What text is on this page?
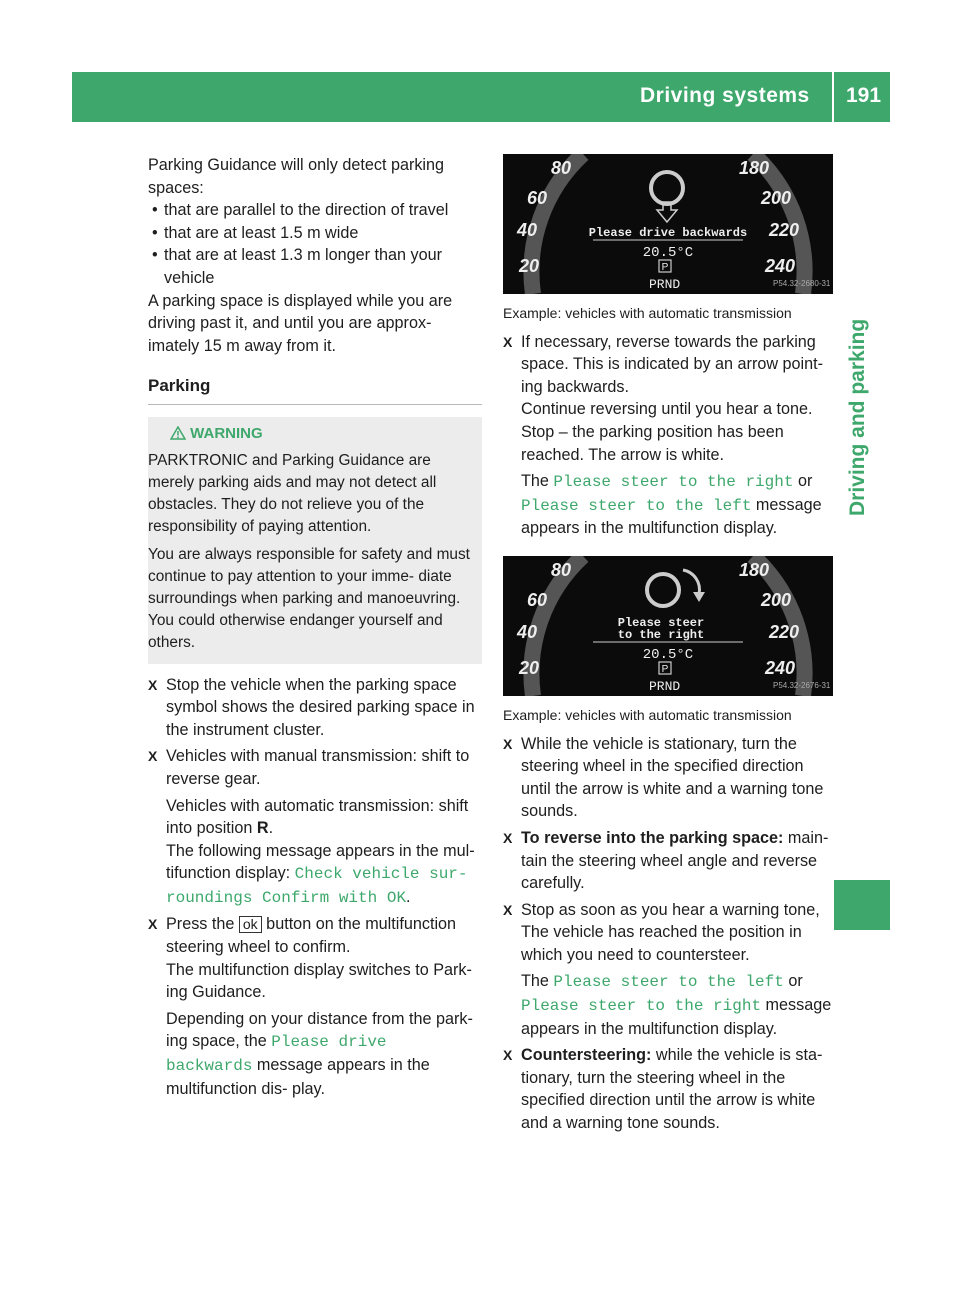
Driving systems 191
Driving and parking

Parking Guidance will only detect parking spaces:

• that are parallel to the direction of travel

• that are at least 1.5 m wide

• that are at least 1.3 m longer than your vehicle

A parking space is displayed while you are driving past it, and until you are approx- imately 15 m away from it.

Parking
WARNING

PARKTRONIC and Parking Guidance are merely parking aids and may not detect all obstacles. They do not relieve you of the responsibility of paying attention.

You are always responsible for safety and must continue to pay attention to your imme- diate surroundings when parking and manoeuvring. You could otherwise endanger yourself and others.

X Stop the vehicle when the parking space symbol shows the desired parking space in the instrument cluster.

X Vehicles with manual transmission: shift to reverse gear.

Vehicles with automatic transmission: shift into position R.

The following message appears in the mul- tifunction display: Check vehicle sur‐ roundings Confirm with OK.

X Press the ok button on the multifunction steering wheel to confirm.

The multifunction display switches to Park- ing Guidance.

Depending on your distance from the park- ing space, the Please drive backwards message appears in the multifunction dis- play.

80
60
40
20
180
200
220
240
Please drive backwards
20.5°C
P
PRND	P54.32-2680-31

Example: vehicles with automatic transmission

X If necessary, reverse towards the parking space. This is indicated by an arrow point- ing backwards.

Continue reversing until you hear a tone. Stop – the parking position has been reached. The arrow is white.

The Please steer to the right or Please steer to the left message appears in the multifunction display.

80
60
40
20
180
200
220
240
Please steer
to the right
20.5°C
P
PRND	P54.32-2676-31

Example: vehicles with automatic transmission

X While the vehicle is stationary, turn the steering wheel in the specified direction until the arrow is white and a warning tone sounds.

X To reverse into the parking space: main- tain the steering wheel angle and reverse carefully.

X Stop as soon as you hear a warning tone, The vehicle has reached the position in which you need to countersteer.

The Please steer to the left or Please steer to the right message appears in the multifunction display.

X Countersteering: while the vehicle is sta- tionary, turn the steering wheel in the specified direction until the arrow is white and a warning tone sounds.
